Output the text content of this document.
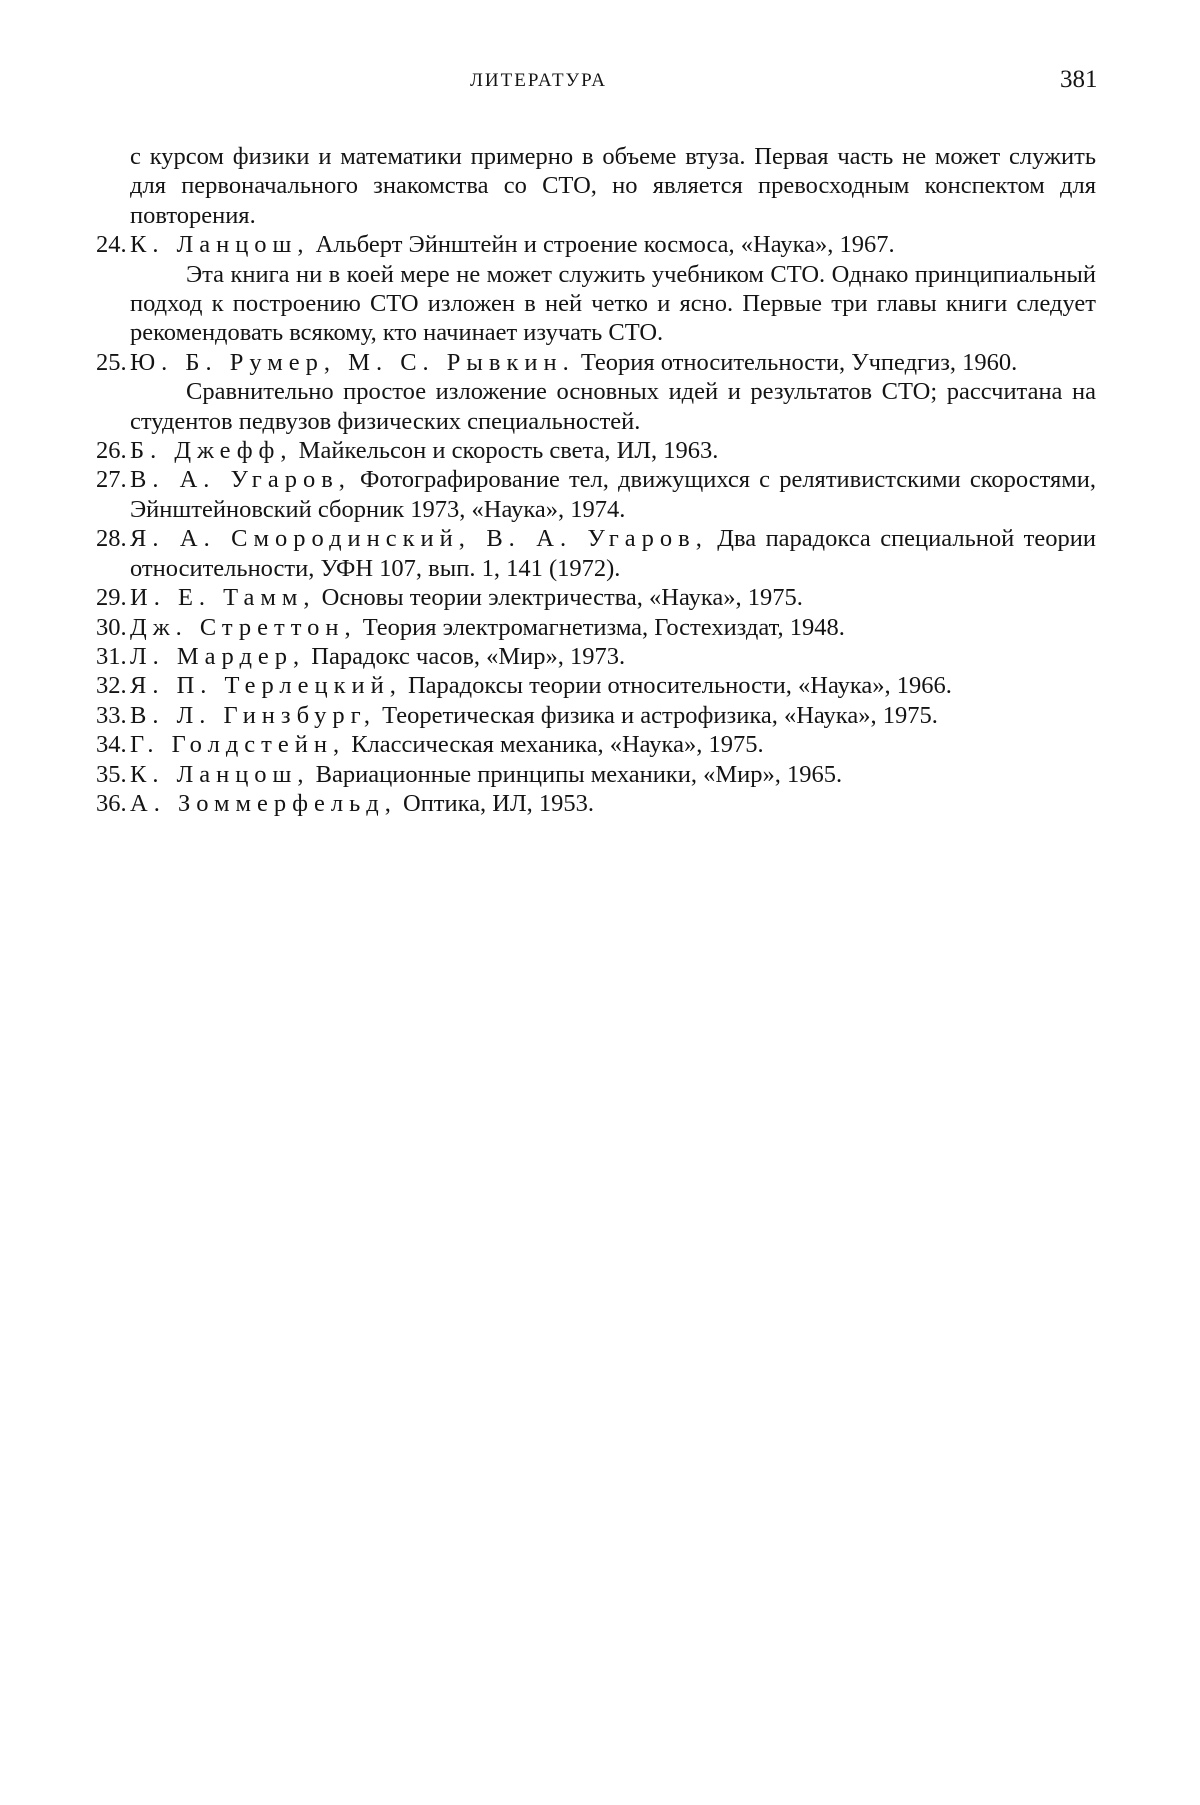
ЛИТЕРАТУРА	381

с курсом физики и математики примерно в объеме втуза. Первая часть не может служить для первоначального знакомства со СТО, но является превосходным конспектом для повторения.

24. К. Ланцош, Альберт Эйнштейн и строение космоса, «Наука», 1967.
Эта книга ни в коей мере не может служить учебником СТО. Однако принципиальный подход к построению СТО изложен в ней четко и ясно. Первые три главы книги следует рекомендовать всякому, кто начинает изучать СТО.
25. Ю. Б. Румер, М. С. Рывкин. Теория относительности, Учпедгиз, 1960.
Сравнительно простое изложение основных идей и результатов СТО; рассчитана на студентов педвузов физических специальностей.
26. Б. Джефф, Майкельсон и скорость света, ИЛ, 1963.
27. В. А. Угаров, Фотографирование тел, движущихся с релятивистскими скоростями, Эйнштейновский сборник 1973, «Наука», 1974.
28. Я. А. Смородинский, В. А. Угаров, Два парадокса специальной теории относительности, УФН 107, вып. 1, 141 (1972).
29. И. Е. Тамм, Основы теории электричества, «Наука», 1975.
30. Дж. Стреттон, Теория электромагнетизма, Гостехиздат, 1948.
31. Л. Мардер, Парадокс часов, «Мир», 1973.
32. Я. П. Терлецкий, Парадоксы теории относительности, «Наука», 1966.
33. В. Л. Гинзбург, Теоретическая физика и астрофизика, «Наука», 1975.
34. Г. Голдстейн, Классическая механика, «Наука», 1975.
35. К. Ланцош, Вариационные принципы механики, «Мир», 1965.
36. А. Зоммерфельд, Оптика, ИЛ, 1953.
